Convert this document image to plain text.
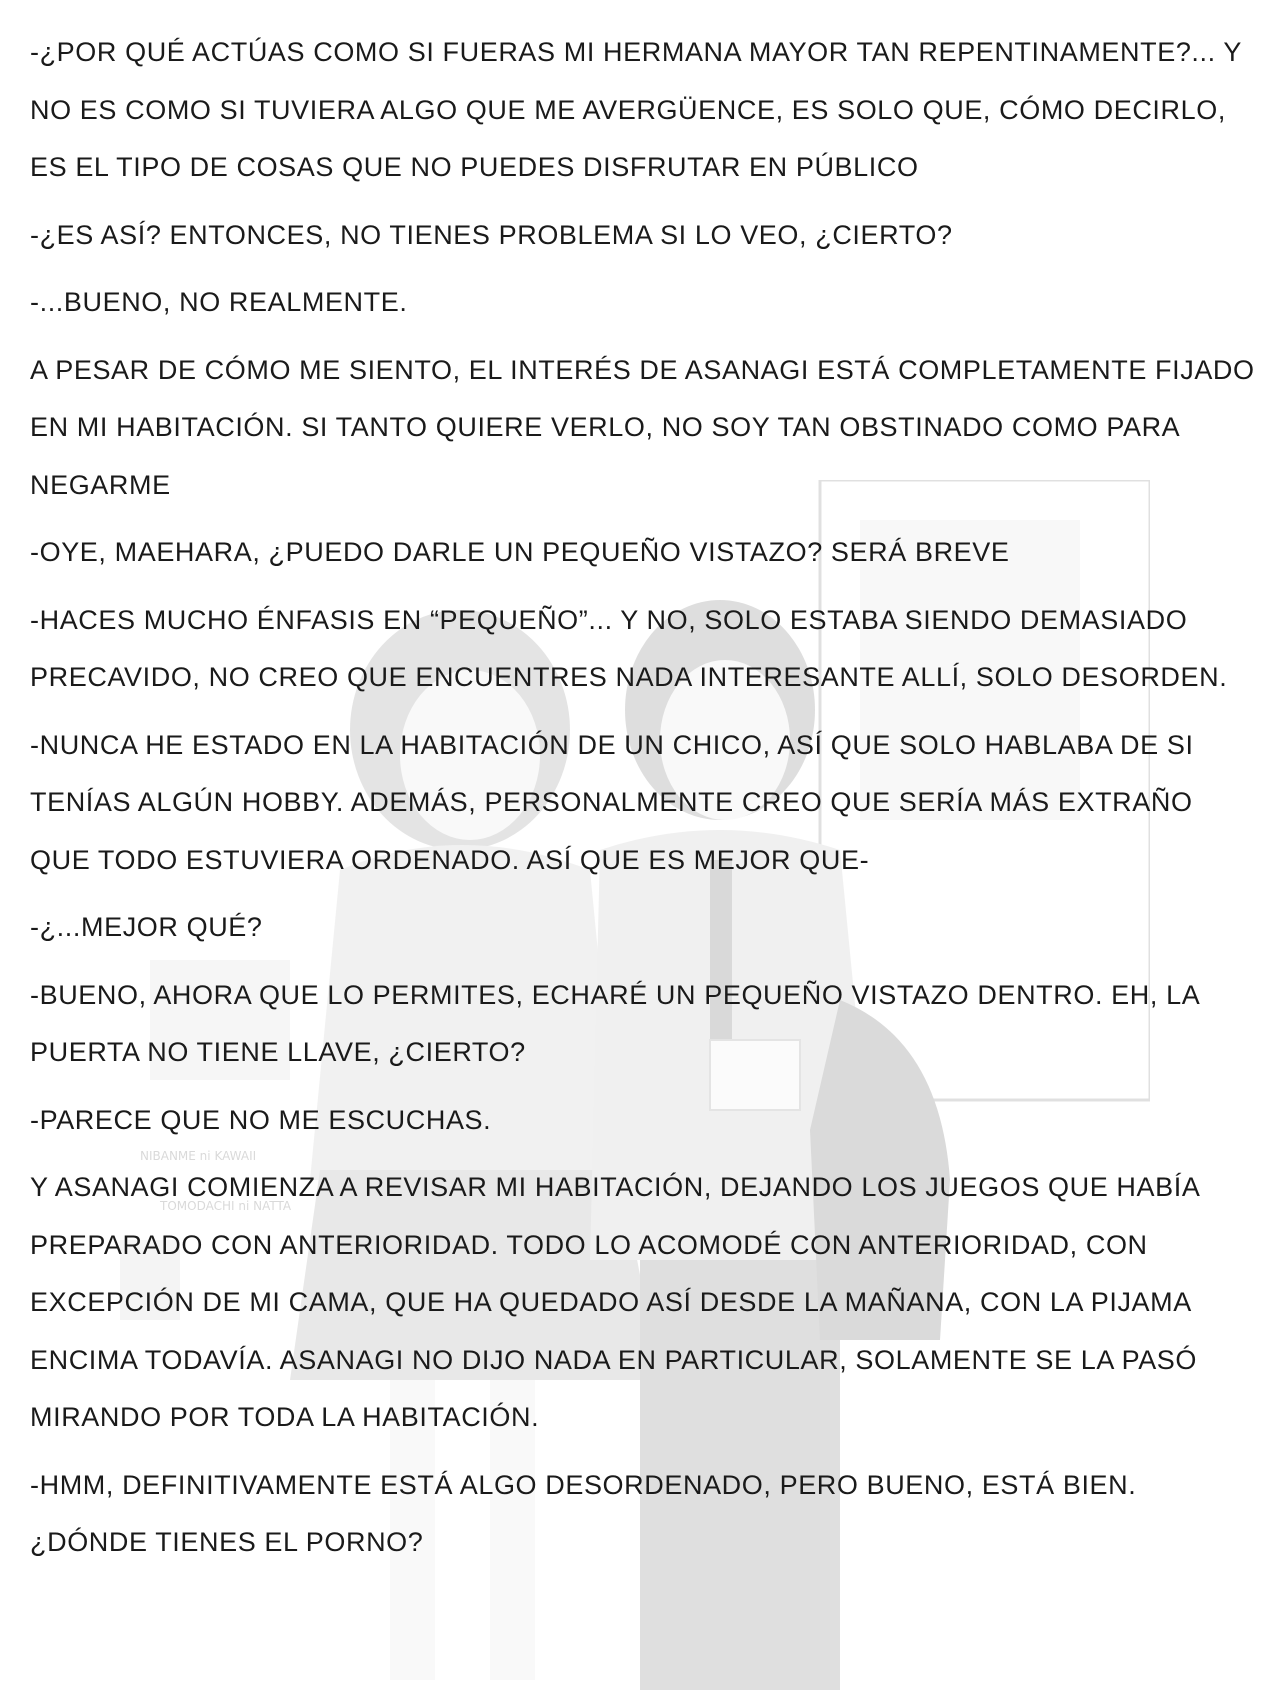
NIBANME ni KAWAII
TOMODACHI ni NATTA

-¿POR QUÉ ACTÚAS COMO SI FUERAS MI HERMANA MAYOR TAN REPENTINAMENTE?... Y NO ES COMO SI TUVIERA ALGO QUE ME AVERGÜENCE, ES SOLO QUE, CÓMO DECIRLO, ES EL TIPO DE COSAS QUE NO PUEDES DISFRUTAR EN PÚBLICO

-¿ES ASÍ? ENTONCES, NO TIENES PROBLEMA SI LO VEO, ¿CIERTO?

-...BUENO, NO REALMENTE.

A PESAR DE CÓMO ME SIENTO, EL INTERÉS DE ASANAGI ESTÁ COMPLETAMENTE FIJADO EN MI HABITACIÓN. SI TANTO QUIERE VERLO, NO SOY TAN OBSTINADO COMO PARA NEGARME

-OYE, MAEHARA, ¿PUEDO DARLE UN PEQUEÑO VISTAZO? SERÁ BREVE

-HACES MUCHO ÉNFASIS EN “PEQUEÑO”... Y NO, SOLO ESTABA SIENDO DEMASIADO PRECAVIDO, NO CREO QUE ENCUENTRES NADA INTERESANTE ALLÍ, SOLO DESORDEN.

-NUNCA HE ESTADO EN LA HABITACIÓN DE UN CHICO, ASÍ QUE SOLO HABLABA DE SI TENÍAS ALGÚN HOBBY. ADEMÁS, PERSONALMENTE CREO QUE SERÍA MÁS EXTRAÑO QUE TODO ESTUVIERA ORDENADO. ASÍ QUE ES MEJOR QUE-

-¿...MEJOR QUÉ?

-BUENO, AHORA QUE LO PERMITES, ECHARÉ UN PEQUEÑO VISTAZO DENTRO. EH, LA PUERTA NO TIENE LLAVE, ¿CIERTO?

-PARECE QUE NO ME ESCUCHAS.

Y ASANAGI COMIENZA A REVISAR MI HABITACIÓN, DEJANDO LOS JUEGOS QUE HABÍA PREPARADO CON ANTERIORIDAD. TODO LO ACOMODÉ CON ANTERIORIDAD, CON EXCEPCIÓN DE MI CAMA, QUE HA QUEDADO ASÍ DESDE LA MAÑANA, CON LA PIJAMA ENCIMA TODAVÍA. ASANAGI NO DIJO NADA EN PARTICULAR, SOLAMENTE SE LA PASÓ MIRANDO POR TODA LA HABITACIÓN.

-HMM, DEFINITIVAMENTE ESTÁ ALGO DESORDENADO, PERO BUENO, ESTÁ BIEN. ¿DÓNDE TIENES EL PORNO?
